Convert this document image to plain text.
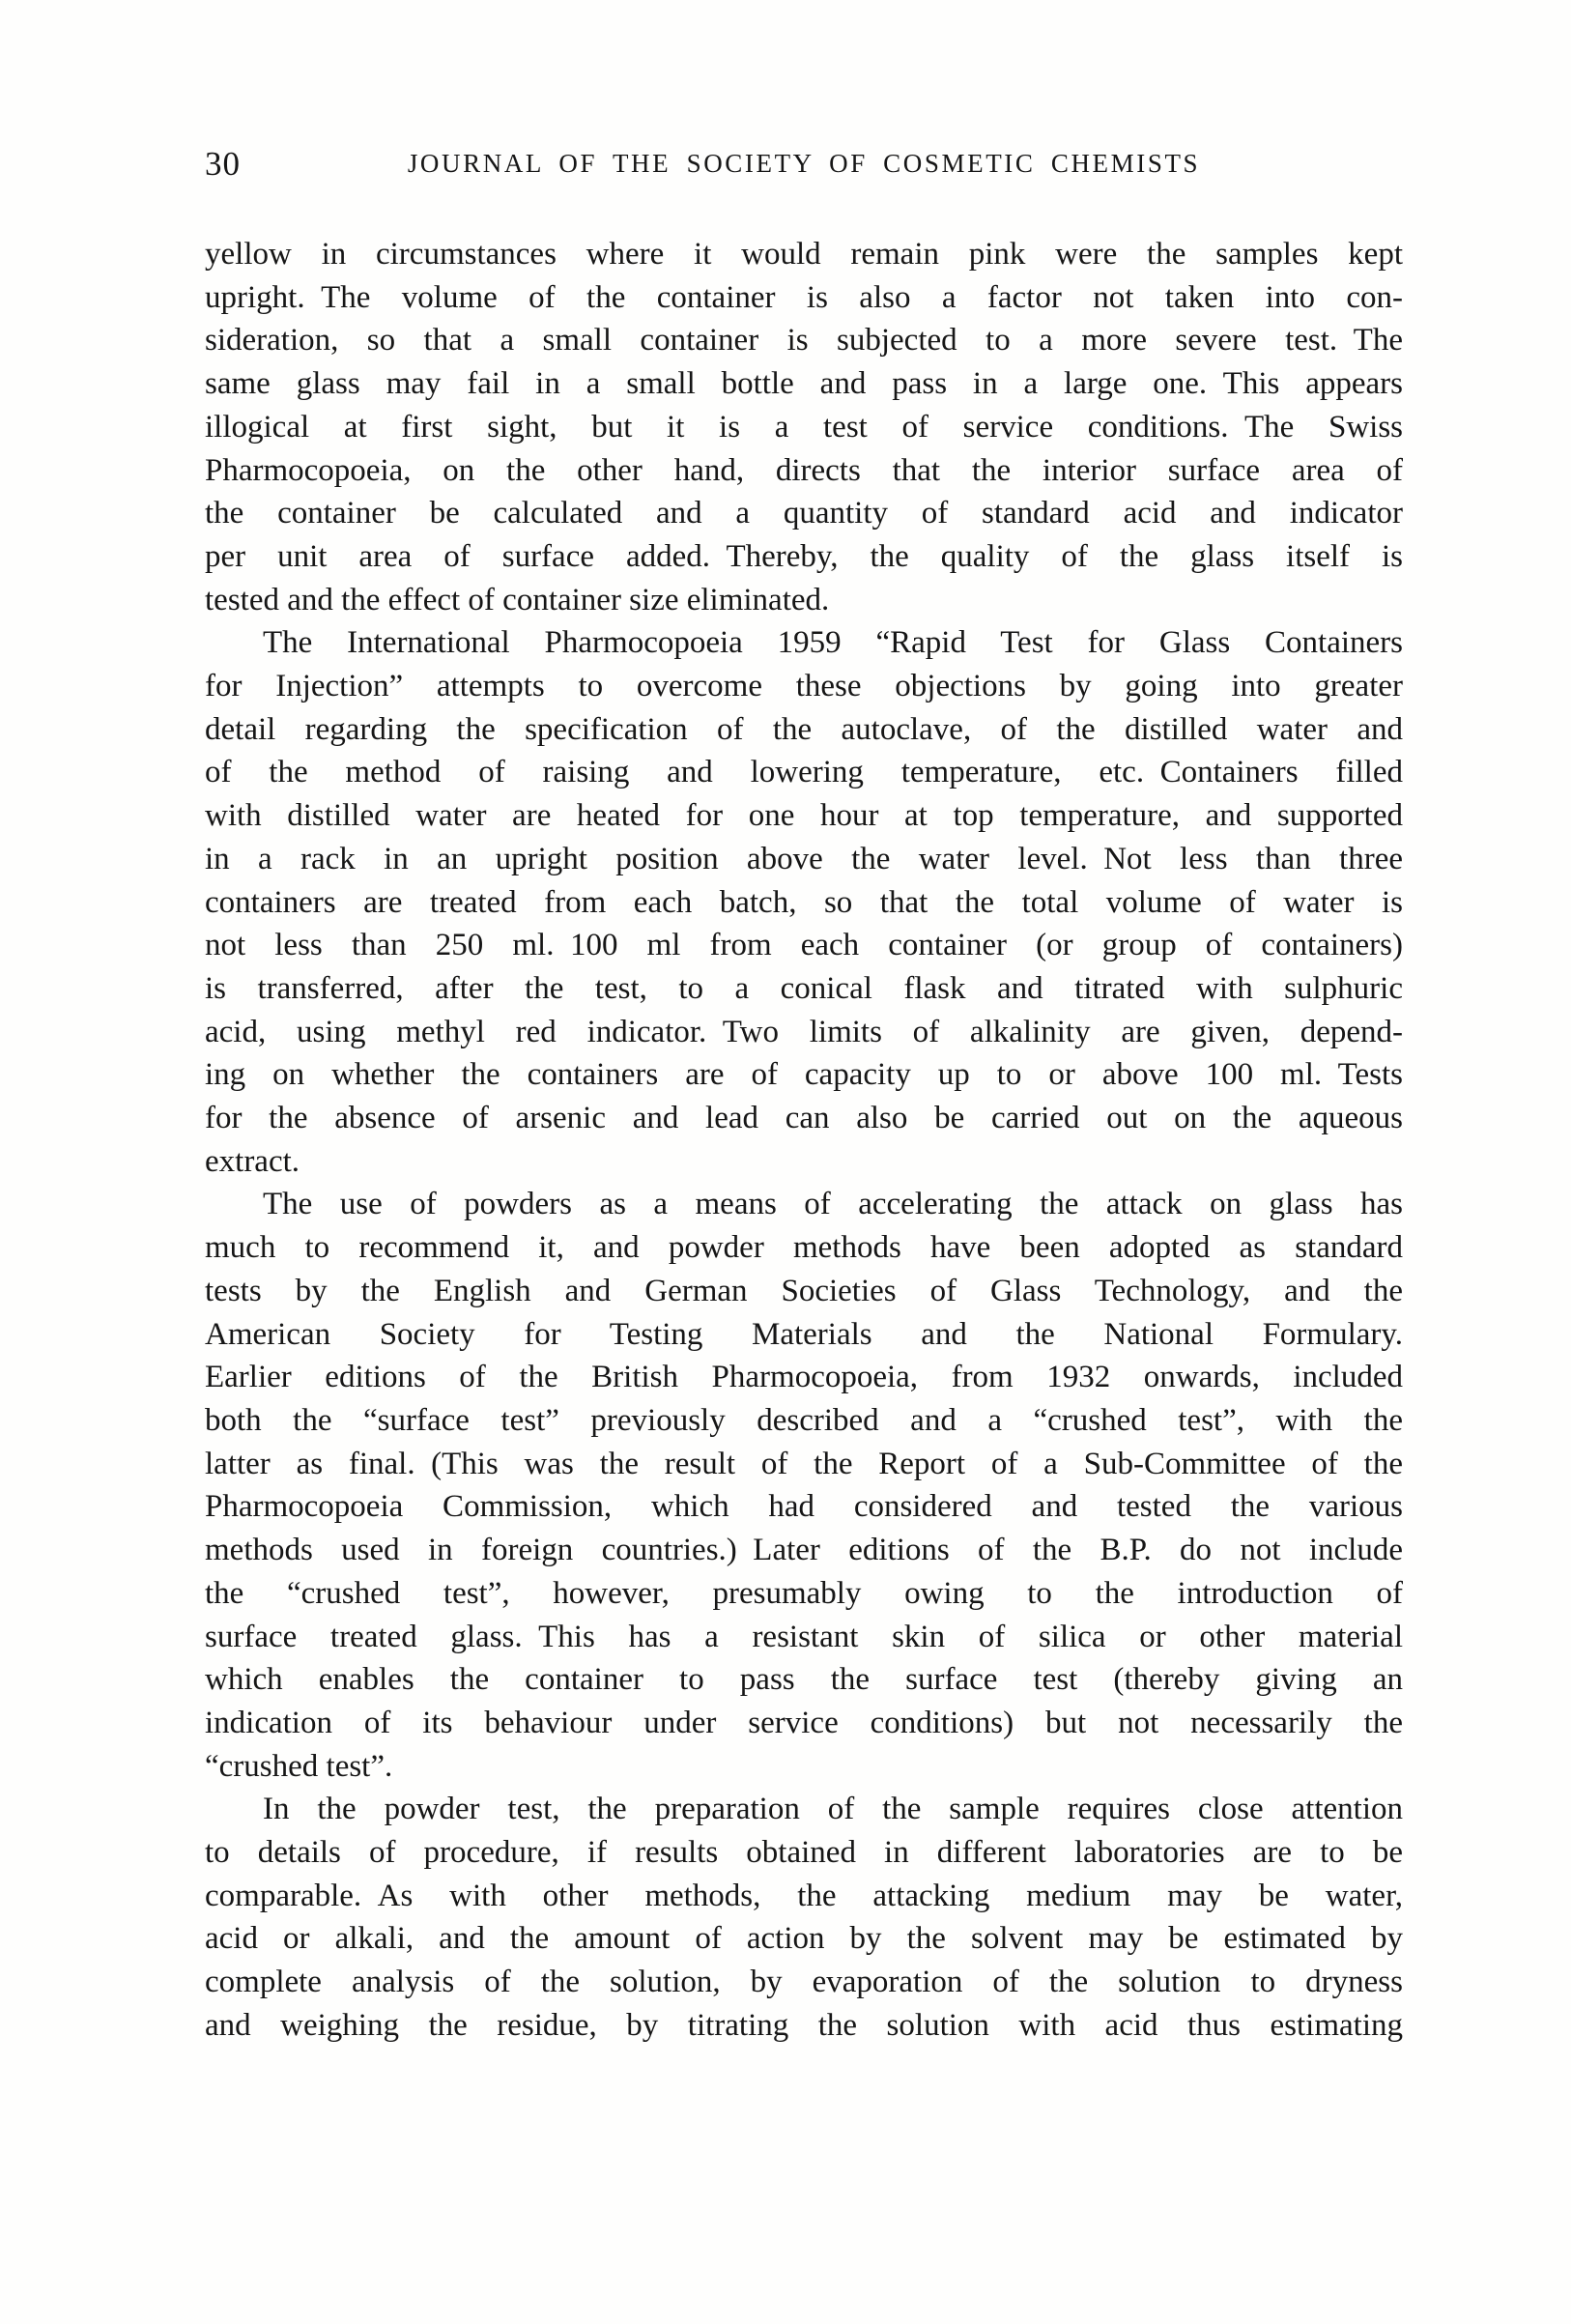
30	JOURNAL OF THE SOCIETY OF COSMETIC CHEMISTS
yellow in circumstances where it would remain pink were the samples kept
upright. The volume of the container is also a factor not taken into con-
sideration, so that a small container is subjected to a more severe test. The
same glass may fail in a small bottle and pass in a large one. This appears
illogical at first sight, but it is a test of service conditions. The Swiss
Pharmocopoeia, on the other hand, directs that the interior surface area of
the container be calculated and a quantity of standard acid and indicator
per unit area of surface added. Thereby, the quality of the glass itself is
tested and the effect of container size eliminated.
The International Pharmocopoeia 1959 “Rapid Test for Glass Containers
for Injection” attempts to overcome these objections by going into greater
detail regarding the specification of the autoclave, of the distilled water and
of the method of raising and lowering temperature, etc. Containers filled
with distilled water are heated for one hour at top temperature, and supported
in a rack in an upright position above the water level. Not less than three
containers are treated from each batch, so that the total volume of water is
not less than 250 ml. 100 ml from each container (or group of containers)
is transferred, after the test, to a conical flask and titrated with sulphuric
acid, using methyl red indicator. Two limits of alkalinity are given, depend-
ing on whether the containers are of capacity up to or above 100 ml. Tests
for the absence of arsenic and lead can also be carried out on the aqueous
extract.
The use of powders as a means of accelerating the attack on glass has
much to recommend it, and powder methods have been adopted as standard
tests by the English and German Societies of Glass Technology, and the
American Society for Testing Materials and the National Formulary.
Earlier editions of the British Pharmocopoeia, from 1932 onwards, included
both the “surface test” previously described and a “crushed test”, with the
latter as final. (This was the result of the Report of a Sub-Committee of the
Pharmocopoeia Commission, which had considered and tested the various
methods used in foreign countries.) Later editions of the B.P. do not include
the “crushed test”, however, presumably owing to the introduction of
surface treated glass. This has a resistant skin of silica or other material
which enables the container to pass the surface test (thereby giving an
indication of its behaviour under service conditions) but not necessarily the
“crushed test”.
In the powder test, the preparation of the sample requires close attention
to details of procedure, if results obtained in different laboratories are to be
comparable. As with other methods, the attacking medium may be water,
acid or alkali, and the amount of action by the solvent may be estimated by
complete analysis of the solution, by evaporation of the solution to dryness
and weighing the residue, by titrating the solution with acid thus estimating
